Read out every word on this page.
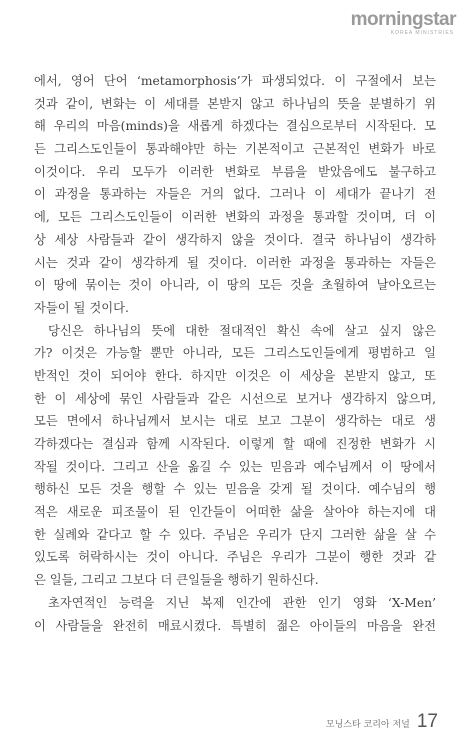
morningstar
KOREA MINISTRIES
에서, 영어 단어 ‘metamorphosis’가 파생되었다. 이 구절에서 보는
것과 같이, 변화는 이 세대를 본받지 않고 하나님의 뜻을 분별하기 위
해 우리의 마음(minds)을 새롭게 하겠다는 결심으로부터 시작된다. 모
든 그리스도인들이 통과해야만 하는 기본적이고 근본적인 변화가 바로
이것이다. 우리 모두가 이러한 변화로 부름을 받았음에도 불구하고
이 과정을 통과하는 자들은 거의 없다. 그러나 이 세대가 끝나기 전
에, 모든 그리스도인들이 이러한 변화의 과정을 통과할 것이며, 더 이
상 세상 사람들과 같이 생각하지 않을 것이다. 결국 하나님이 생각하
시는 것과 같이 생각하게 될 것이다. 이러한 과정을 통과하는 자들은
이 땅에 묶이는 것이 아니라, 이 땅의 모든 것을 초월하여 날아오르는
자들이 될 것이다.
당신은 하나님의 뜻에 대한 절대적인 확신 속에 살고 싶지 않은
가? 이것은 가능할 뿐만 아니라, 모든 그리스도인들에게 평범하고 일
반적인 것이 되어야 한다. 하지만 이것은 이 세상을 본받지 않고, 또
한 이 세상에 묶인 사람들과 같은 시선으로 보거나 생각하지 않으며,
모든 면에서 하나님께서 보시는 대로 보고 그분이 생각하는 대로 생
각하겠다는 결심과 함께 시작된다. 이렇게 할 때에 진정한 변화가 시
작될 것이다. 그리고 산을 옮길 수 있는 믿음과 예수님께서 이 땅에서
행하신 모든 것을 행할 수 있는 믿음을 갖게 될 것이다. 예수님의 행
적은 새로운 피조물이 된 인간들이 어떠한 삶을 살아야 하는지에 대
한 실례와 같다고 할 수 있다. 주님은 우리가 단지 그러한 삶을 살 수
있도록 허락하시는 것이 아니다. 주님은 우리가 그분이 행한 것과 같
은 일들, 그리고 그보다 더 큰일들을 행하기 원하신다.
초자연적인 능력을 지닌 복제 인간에 관한 인기 영화 ‘X-Men’
이 사람들을 완전히 매료시켰다. 특별히 젊은 아이들의 마음을 완전
모닝스타 코리아 저널 17
